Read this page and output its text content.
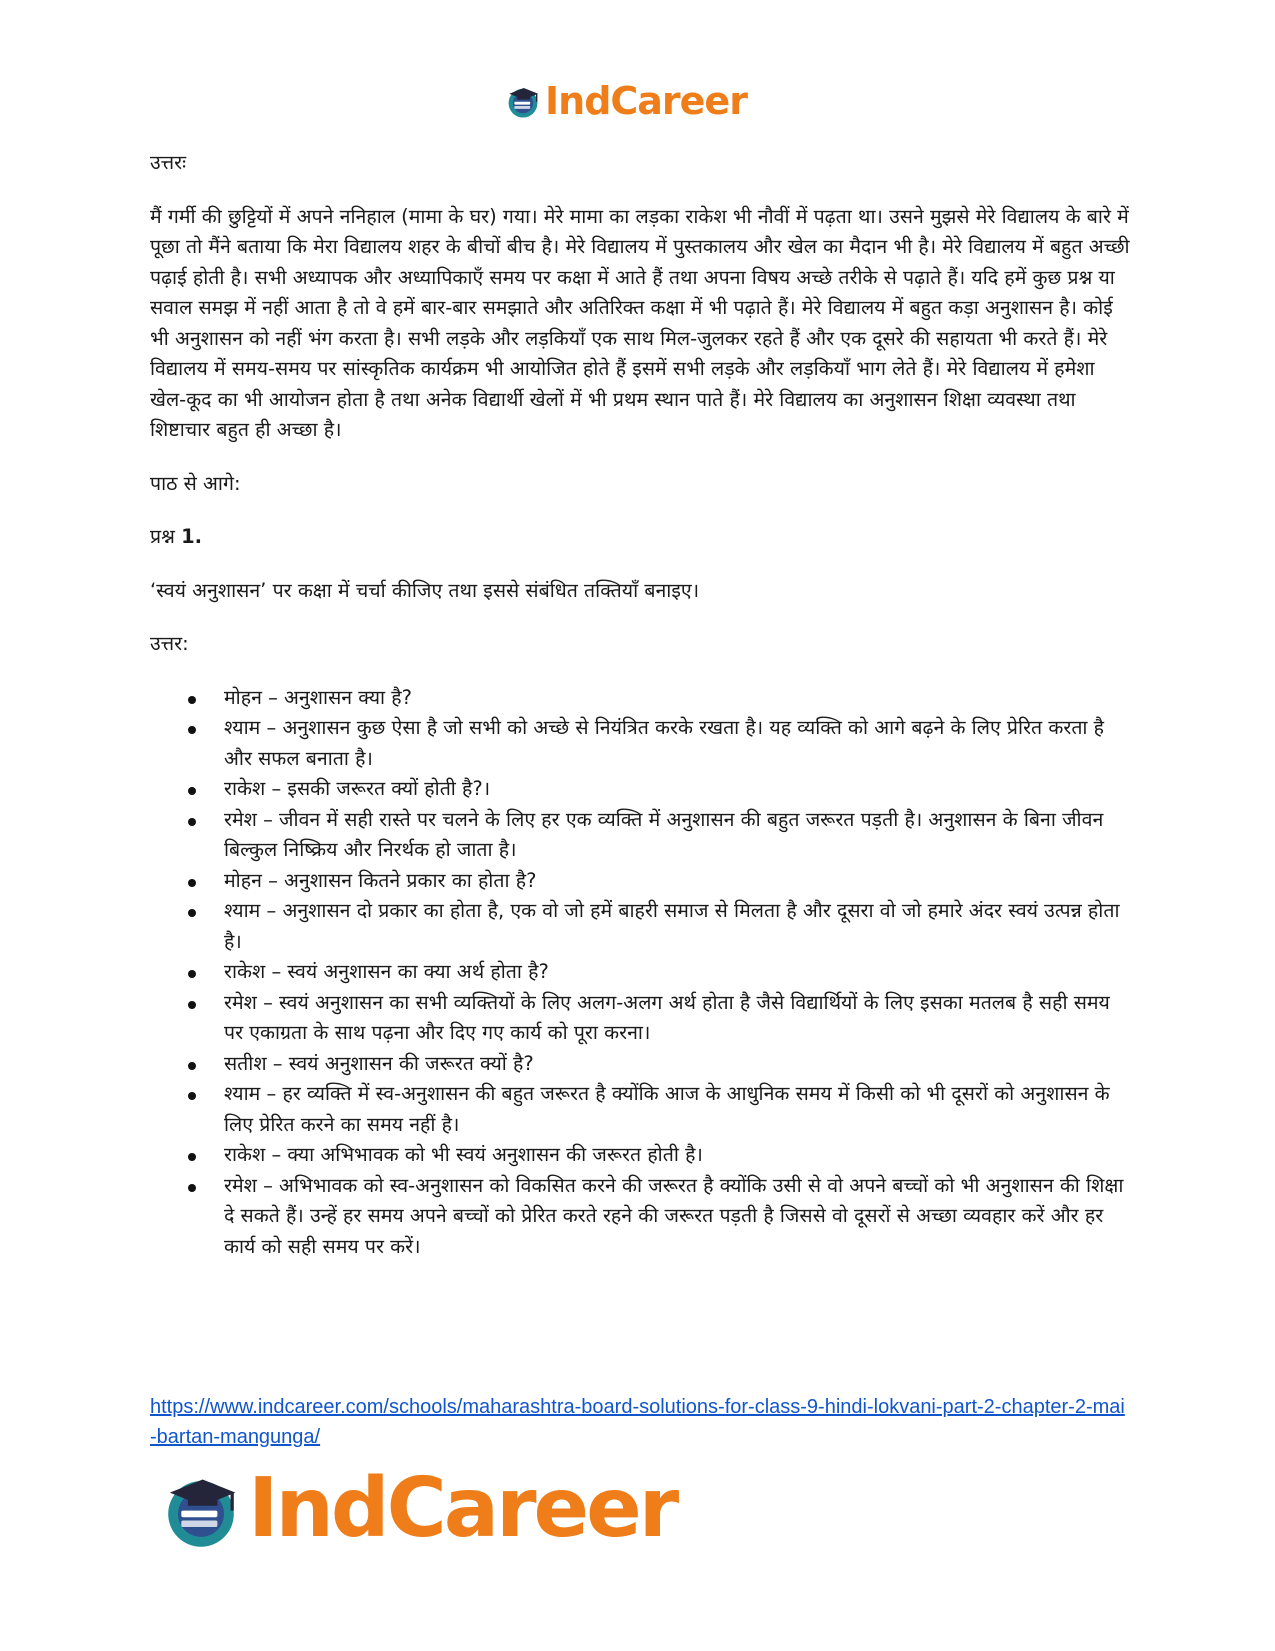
IndCareer

उत्तरः

मैं गर्मी की छुट्टियों में अपने ननिहाल (मामा के घर) गया। मेरे मामा का लड़का राकेश भी नौवीं में पढ़ता था। उसने मुझसे मेरे विद्यालय के बारे में पूछा तो मैंने बताया कि मेरा विद्यालय शहर के बीचों बीच है। मेरे विद्यालय में पुस्तकालय और खेल का मैदान भी है। मेरे विद्यालय में बहुत अच्छी पढ़ाई होती है। सभी अध्यापक और अध्यापिकाएँ समय पर कक्षा में आते हैं तथा अपना विषय अच्छे तरीके से पढ़ाते हैं। यदि हमें कुछ प्रश्न या सवाल समझ में नहीं आता है तो वे हमें बार-बार समझाते और अतिरिक्त कक्षा में भी पढ़ाते हैं। मेरे विद्यालय में बहुत कड़ा अनुशासन है। कोई भी अनुशासन को नहीं भंग करता है। सभी लड़के और लड़कियाँ एक साथ मिल-जुलकर रहते हैं और एक दूसरे की सहायता भी करते हैं। मेरे विद्यालय में समय-समय पर सांस्कृतिक कार्यक्रम भी आयोजित होते हैं इसमें सभी लड़के और लड़कियाँ भाग लेते हैं। मेरे विद्यालय में हमेशा खेल-कूद का भी आयोजन होता है तथा अनेक विद्यार्थी खेलों में भी प्रथम स्थान पाते हैं। मेरे विद्यालय का अनुशासन शिक्षा व्यवस्था तथा शिष्टाचार बहुत ही अच्छा है।

पाठ से आगे:

प्रश्न 1.

‘स्वयं अनुशासन’ पर कक्षा में चर्चा कीजिए तथा इससे संबंधित तक्तियाँ बनाइए।

उत्तर:

मोहन – अनुशासन क्या है?
श्याम – अनुशासन कुछ ऐसा है जो सभी को अच्छे से नियंत्रित करके रखता है। यह व्यक्ति को आगे बढ़ने के लिए प्रेरित करता है और सफल बनाता है।
राकेश – इसकी जरूरत क्यों होती है?।
रमेश – जीवन में सही रास्ते पर चलने के लिए हर एक व्यक्ति में अनुशासन की बहुत जरूरत पड़ती है। अनुशासन के बिना जीवन बिल्कुल निष्क्रिय और निरर्थक हो जाता है।
मोहन – अनुशासन कितने प्रकार का होता है?
श्याम – अनुशासन दो प्रकार का होता है, एक वो जो हमें बाहरी समाज से मिलता है और दूसरा वो जो हमारे अंदर स्वयं उत्पन्न होता है।
राकेश – स्वयं अनुशासन का क्या अर्थ होता है?
रमेश – स्वयं अनुशासन का सभी व्यक्तियों के लिए अलग-अलग अर्थ होता है जैसे विद्यार्थियों के लिए इसका मतलब है सही समय पर एकाग्रता के साथ पढ़ना और दिए गए कार्य को पूरा करना।
सतीश – स्वयं अनुशासन की जरूरत क्यों है?
श्याम – हर व्यक्ति में स्व-अनुशासन की बहुत जरूरत है क्योंकि आज के आधुनिक समय में किसी को भी दूसरों को अनुशासन के लिए प्रेरित करने का समय नहीं है।
राकेश – क्या अभिभावक को भी स्वयं अनुशासन की जरूरत होती है।
रमेश – अभिभावक को स्व-अनुशासन को विकसित करने की जरूरत है क्योंकि उसी से वो अपने बच्चों को भी अनुशासन की शिक्षा दे सकते हैं। उन्हें हर समय अपने बच्चों को प्रेरित करते रहने की जरूरत पड़ती है जिससे वो दूसरों से अच्छा व्यवहार करें और हर कार्य को सही समय पर करें।
https://www.indcareer.com/schools/maharashtra-board-solutions-for-class-9-hindi-lokvani-part-2-chapter-2-mai-bartan-mangunga/
IndCareer
